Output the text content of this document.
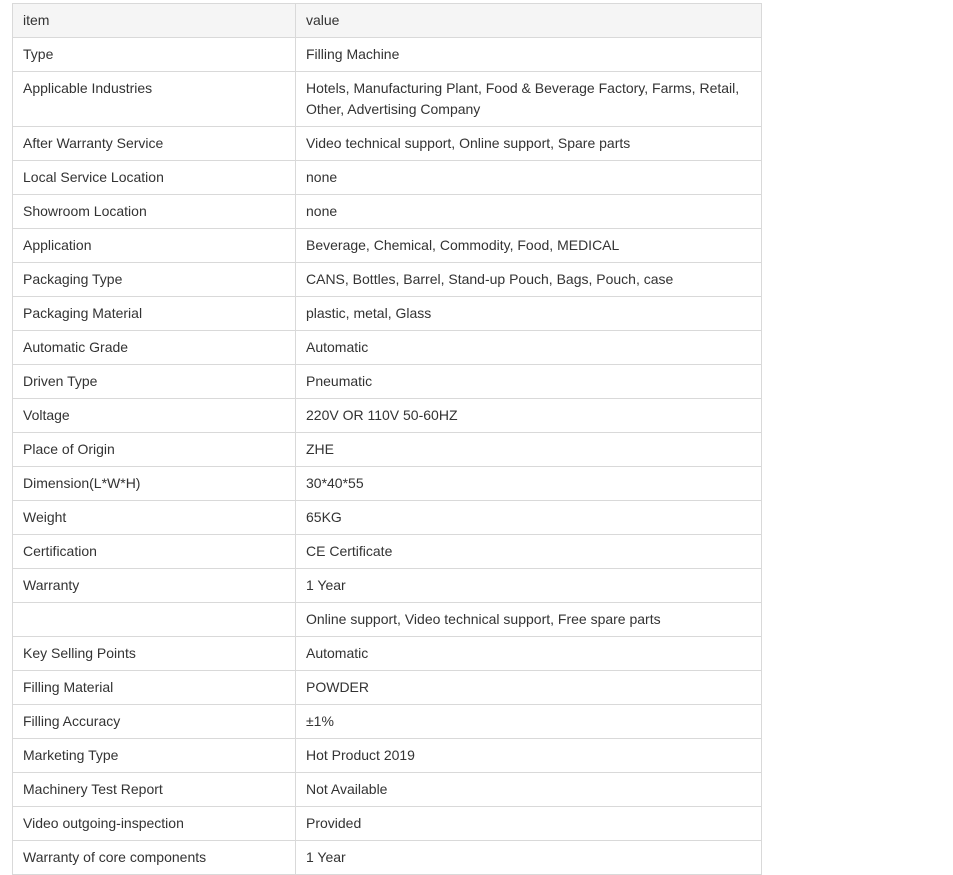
item	value
Type	Filling Machine
Applicable Industries	Hotels, Manufacturing Plant, Food & Beverage Factory, Farms, Retail, Other, Advertising Company
After Warranty Service	Video technical support, Online support, Spare parts
Local Service Location	none
Showroom Location	none
Application	Beverage, Chemical, Commodity, Food, MEDICAL
Packaging Type	CANS, Bottles, Barrel, Stand-up Pouch, Bags, Pouch, case
Packaging Material	plastic, metal, Glass
Automatic Grade	Automatic
Driven Type	Pneumatic
Voltage	220V OR 110V 50-60HZ
Place of Origin	ZHE
Dimension(L*W*H)	30*40*55
Weight	65KG
Certification	CE Certificate
Warranty	1 Year
	Online support, Video technical support, Free spare parts
Key Selling Points	Automatic
Filling Material	POWDER
Filling Accuracy	±1%
Marketing Type	Hot Product 2019
Machinery Test Report	Not Available
Video outgoing-inspection	Provided
Warranty of core components	1 Year
